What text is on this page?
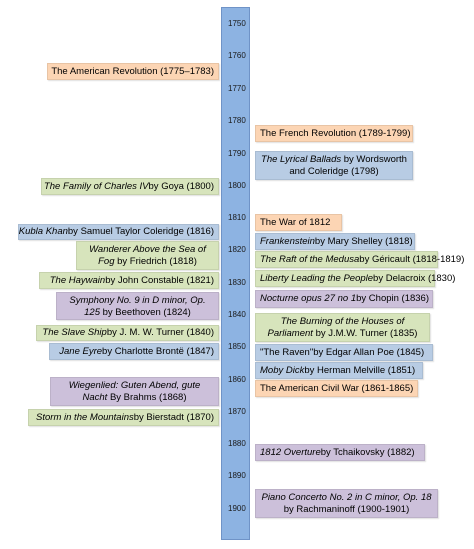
1750
1760
1770
1780
1790
1800
1810
1820
1830
1840
1850
1860
1870
1880
1890
1900
The American Revolution (1775–1783)
The Family of Charles IV by Goya (1800)
Kubla Khan by Samuel Taylor Coleridge (1816)
Wanderer Above the Sea of Fog by Friedrich (1818)
The Haywain by John Constable (1821)
Symphony No. 9 in D minor, Op. 125 by Beethoven (1824)
The Slave Ship by J. M. W. Turner (1840)
Jane Eyre by Charlotte Brontë (1847)
Wiegenlied: Guten Abend, gute Nacht By Brahms (1868)
Storm in the Mountains by Bierstadt (1870)
The French Revolution (1789-1799)
The Lyrical Ballads by Wordsworth and Coleridge (1798)
The War of 1812
Frankenstein by Mary Shelley (1818)
The Raft of the Medusa by Géricault (1818-1819)
Liberty Leading the People by Delacroix (1830)
Nocturne opus 27 no 1 by Chopin (1836)
The Burning of the Houses of Parliament by J.M.W. Turner (1835)
"The Raven" by Edgar Allan Poe (1845)
Moby Dick by Herman Melville (1851)
The American Civil War (1861-1865)
1812 Overture by Tchaikovsky (1882)
Piano Concerto No. 2 in C minor, Op. 18 by Rachmaninoff (1900-1901)
